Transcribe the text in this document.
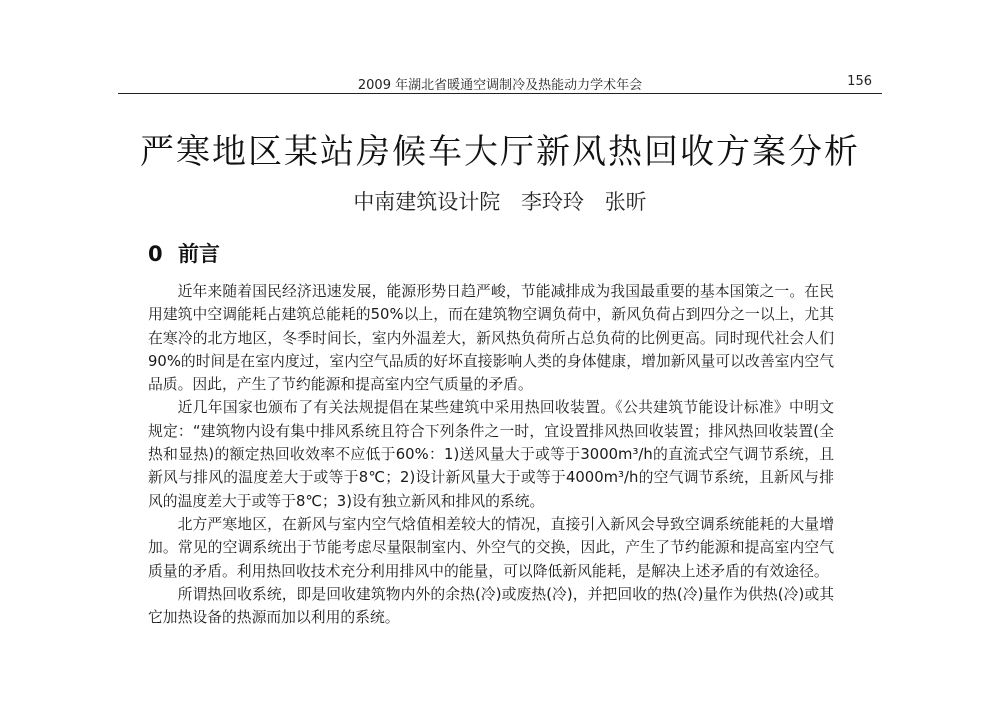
2009 年湖北省暖通空调制冷及热能动力学术年会	156
严寒地区某站房候车大厅新风热回收方案分析
中南建筑设计院 李玲玲 张昕
0 前言

近年来随着国民经济迅速发展，能源形势日趋严峻，节能减排成为我国最重要的基本国策之一。在民用建筑中空调能耗占建筑总能耗的50%以上，而在建筑物空调负荷中，新风负荷占到四分之一以上，尤其在寒冷的北方地区，冬季时间长，室内外温差大，新风热负荷所占总负荷的比例更高。同时现代社会人们90%的时间是在室内度过，室内空气品质的好坏直接影响人类的身体健康，增加新风量可以改善室内空气品质。因此，产生了节约能源和提高室内空气质量的矛盾。

近几年国家也颁布了有关法规提倡在某些建筑中采用热回收装置。《公共建筑节能设计标准》中明文规定：“建筑物内设有集中排风系统且符合下列条件之一时，宜设置排风热回收装置；排风热回收装置(全热和显热)的额定热回收效率不应低于60%：1)送风量大于或等于3000m³/h的直流式空气调节系统，且新风与排风的温度差大于或等于8℃；2)设计新风量大于或等于4000m³/h的空气调节系统，且新风与排风的温度差大于或等于8℃；3)设有独立新风和排风的系统。

北方严寒地区，在新风与室内空气焓值相差较大的情况，直接引入新风会导致空调系统能耗的大量增加。常见的空调系统出于节能考虑尽量限制室内、外空气的交换，因此，产生了节约能源和提高室内空气质量的矛盾。利用热回收技术充分利用排风中的能量，可以降低新风能耗，是解决上述矛盾的有效途径。

所谓热回收系统，即是回收建筑物内外的余热(冷)或废热(冷)，并把回收的热(冷)量作为供热(冷)或其它加热设备的热源而加以利用的系统。
